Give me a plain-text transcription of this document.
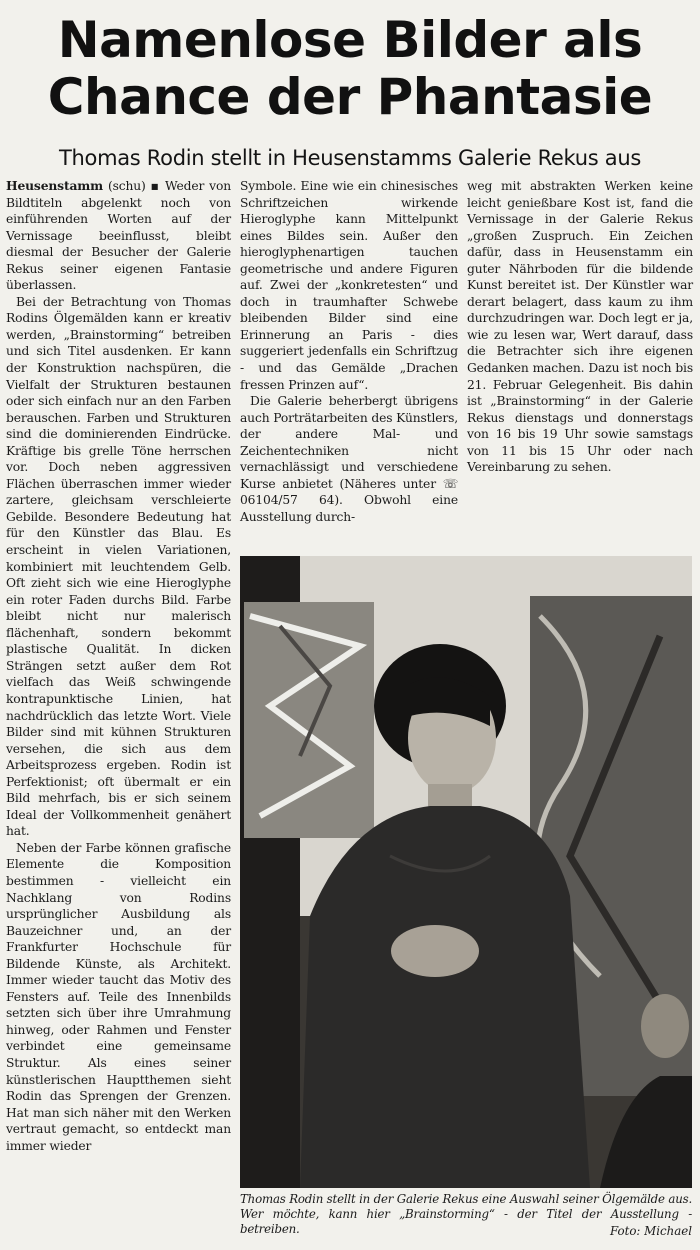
Namenlose Bilder als
Chance der Phantasie
Thomas Rodin stellt in Heusenstamms Galerie Rekus aus

Heusenstamm (schu) ▪ Weder von Bildtiteln abgelenkt noch von einführenden Worten auf der Vernissage beeinflusst, bleibt diesmal der Besucher der Galerie Rekus seiner eigenen Fantasie überlassen.

Bei der Betrachtung von Thomas Rodins Ölgemälden kann er kreativ werden, „Brainstorming“ betreiben und sich Titel ausdenken. Er kann der Konstruktion nachspüren, die Vielfalt der Strukturen bestaunen oder sich einfach nur an den Farben berauschen. Farben und Strukturen sind die dominierenden Eindrücke. Kräftige bis grelle Töne herrschen vor. Doch neben aggressiven Flächen überraschen immer wieder zartere, gleichsam verschleierte Gebilde. Besondere Bedeutung hat für den Künstler das Blau. Es erscheint in vielen Variationen, kombiniert mit leuchtendem Gelb. Oft zieht sich wie eine Hieroglyphe ein roter Faden durchs Bild. Farbe bleibt nicht nur malerisch flächenhaft, sondern bekommt plastische Qualität. In dicken Strängen setzt außer dem Rot vielfach das Weiß schwingende kontrapunktische Linien, hat nachdrücklich das letzte Wort. Viele Bilder sind mit kühnen Strukturen versehen, die sich aus dem Arbeitsprozess ergeben. Rodin ist Perfektionist; oft übermalt er ein Bild mehrfach, bis er sich seinem Ideal der Vollkommenheit genähert hat.

Neben der Farbe können grafische Elemente die Komposition bestimmen - vielleicht ein Nachklang von Rodins ursprünglicher Ausbildung als Bauzeichner und, an der Frankfurter Hochschule für Bildende Künste, als Architekt. Immer wieder taucht das Motiv des Fensters auf. Teile des Innenbilds setzten sich über ihre Umrahmung hinweg, oder Rahmen und Fenster verbindet eine gemeinsame Struktur. Als eines seiner künstlerischen Hauptthemen sieht Rodin das Sprengen der Grenzen. Hat man sich näher mit den Werken vertraut gemacht, so entdeckt man immer wieder

Symbole. Eine wie ein chinesisches Schriftzeichen wirkende Hieroglyphe kann Mittelpunkt eines Bildes sein. Außer den hieroglyphenartigen tauchen geometrische und andere Figuren auf. Zwei der „konkretesten“ und doch in traumhafter Schwebe bleibenden Bilder sind eine Erinnerung an Paris - dies suggeriert jedenfalls ein Schriftzug - und das Gemälde „Drachen fressen Prinzen auf“.

Die Galerie beherbergt übrigens auch Porträtarbeiten des Künstlers, der andere Mal- und Zeichentechniken nicht vernachlässigt und verschiedene Kurse anbietet (Näheres unter ☏ 06104/57 64). Obwohl eine Ausstellung durch-

weg mit abstrakten Werken keine leicht genießbare Kost ist, fand die Vernissage in der Galerie Rekus „großen Zuspruch. Ein Zeichen dafür, dass in Heusenstamm ein guter Nährboden für die bildende Kunst bereitet ist. Der Künstler war derart belagert, dass kaum zu ihm durchzudringen war. Doch legt er ja, wie zu lesen war, Wert darauf, dass die Betrachter sich ihre eigenen Gedanken machen. Dazu ist noch bis 21. Februar Gelegenheit. Bis dahin ist „Brainstorming“ in der Galerie Rekus dienstags und donnerstags von 16 bis 19 Uhr sowie samstags von 11 bis 15 Uhr oder nach Vereinbarung zu sehen.

Thomas Rodin stellt in der Galerie Rekus eine Auswahl seiner Ölgemälde aus. Wer möchte, kann hier „Brainstorming“ - der Titel der Ausstellung - betreiben.	Foto: Michael
